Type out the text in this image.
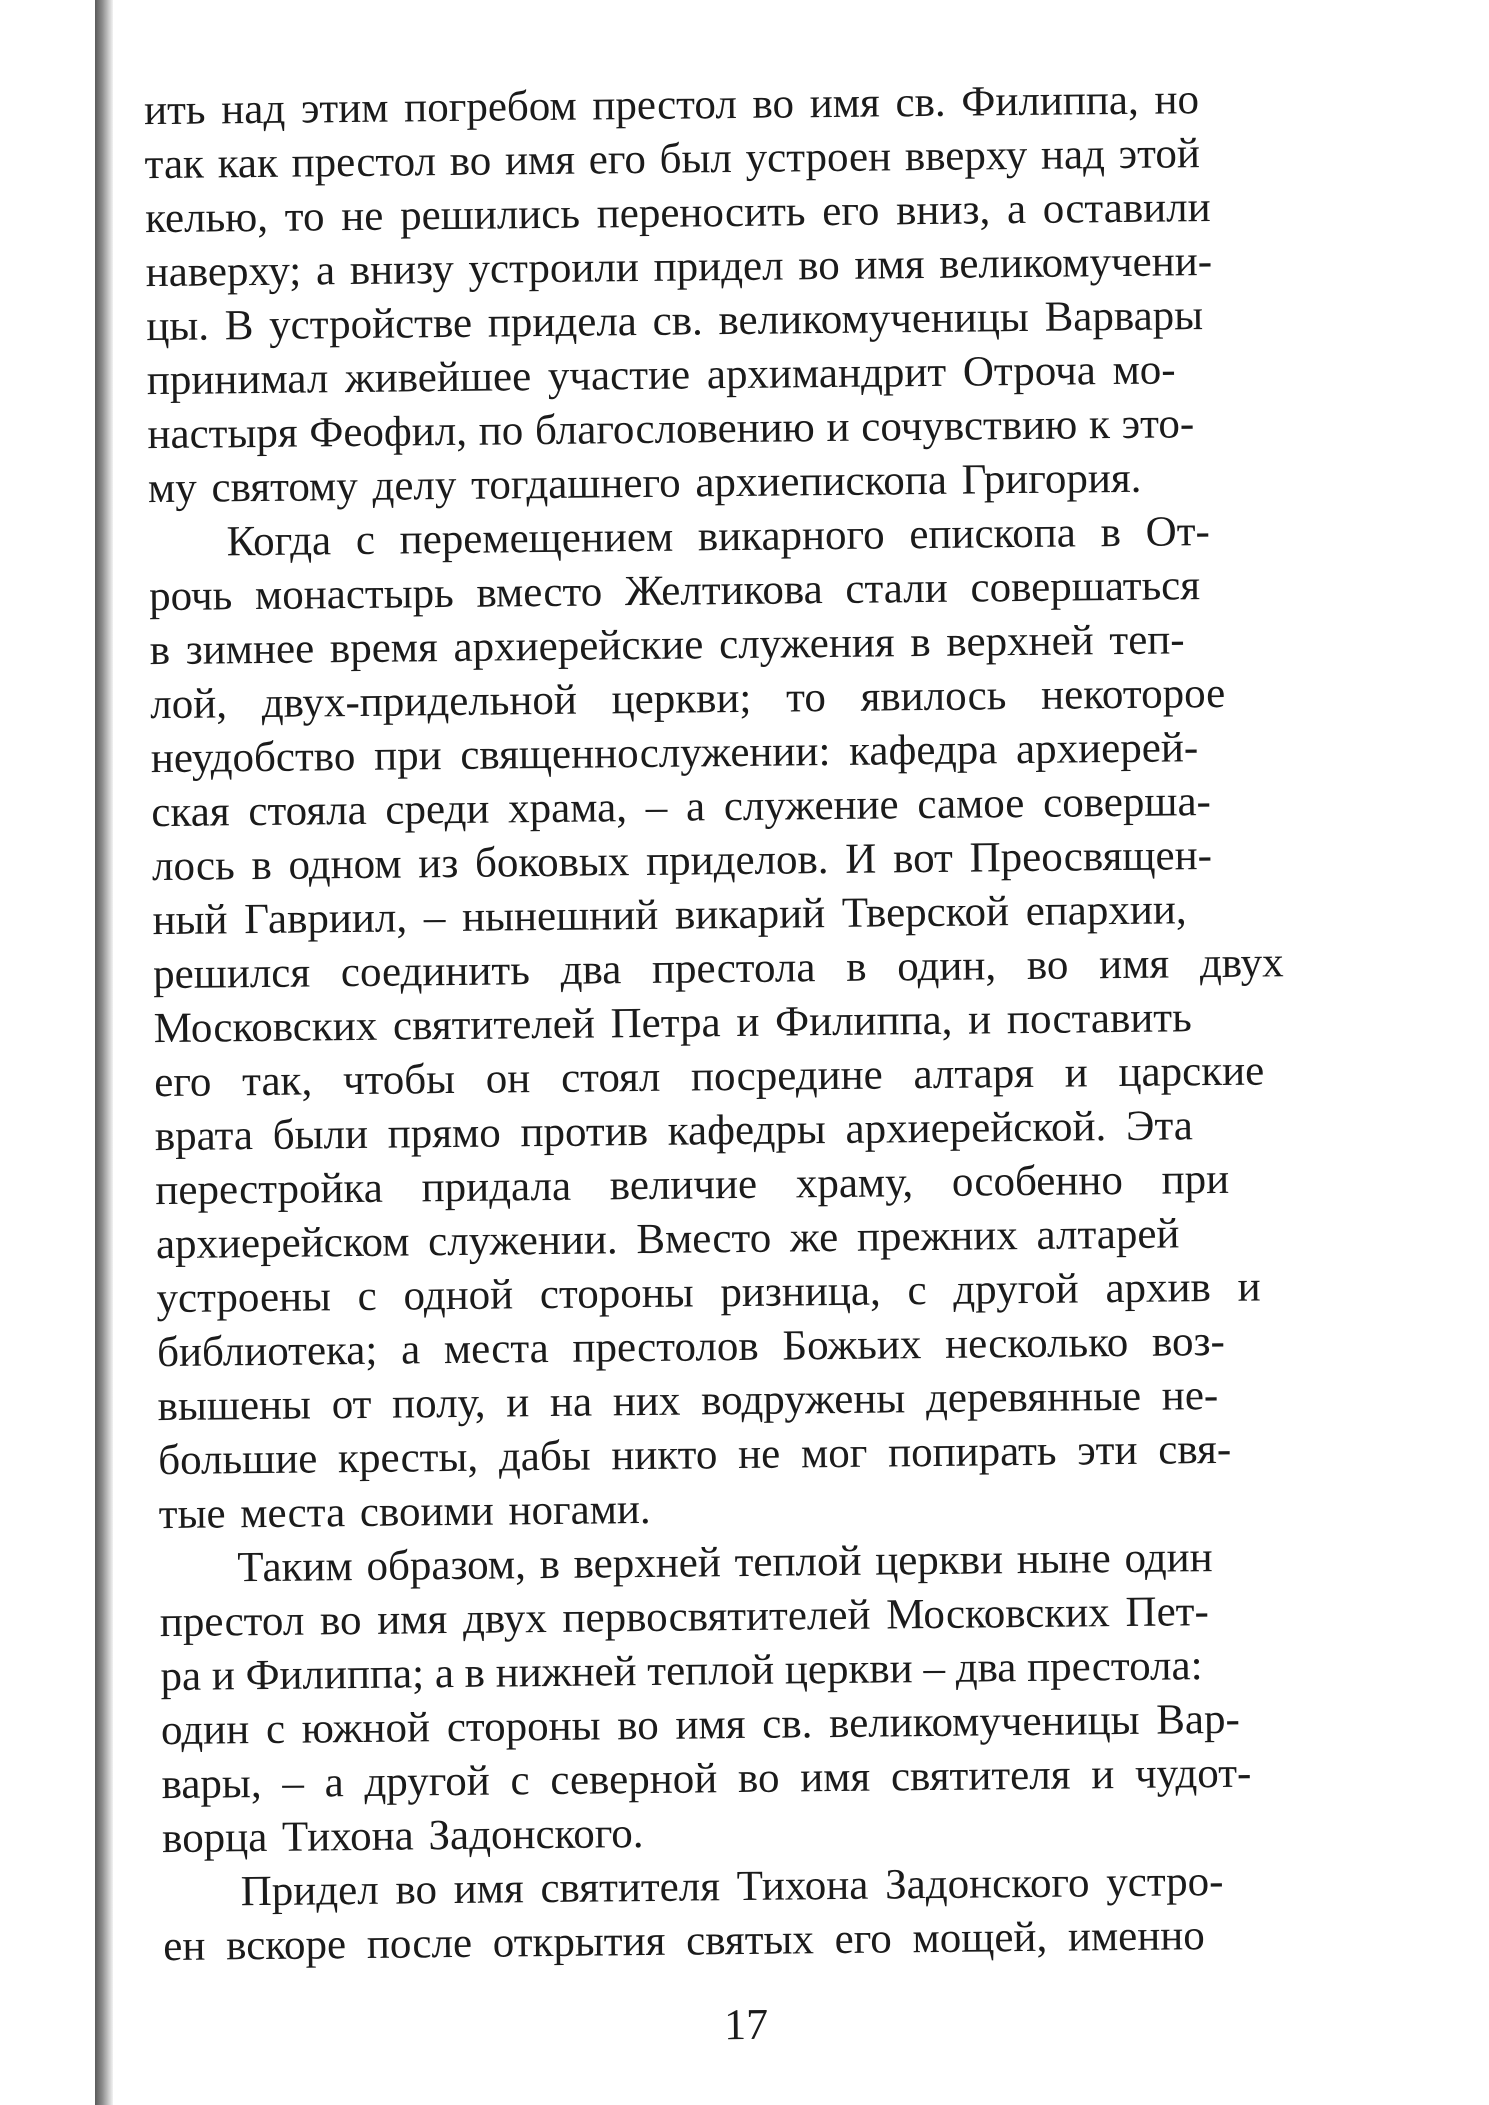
ить над этим погребом престол во имя св. Филиппа, но
так как престол во имя его был устроен вверху над этой
келью, то не решились переносить его вниз, а оставили
наверху; а внизу устроили придел во имя великомучени-
цы. В устройстве придела св. великомученицы Варвары
принимал живейшее участие архимандрит Отроча мо-
настыря Феофил, по благословению и сочувствию к это-
му святому делу тогдашнего архиепископа Григория.
Когда с перемещением викарного епископа в От-
рочь монастырь вместо Желтикова стали совершаться
в зимнее время архиерейские служения в верхней теп-
лой, двух-придельной церкви; то явилось некоторое
неудобство при священнослужении: кафедра архиерей-
ская стояла среди храма, – а служение самое соверша-
лось в одном из боковых приделов. И вот Преосвящен-
ный Гавриил, – нынешний викарий Тверской епархии,
решился соединить два престола в один, во имя двух
Московских святителей Петра и Филиппа, и поставить
его так, чтобы он стоял посредине алтаря и царские
врата были прямо против кафедры архиерейской. Эта
перестройка придала величие храму, особенно при
архиерейском служении. Вместо же прежних алтарей
устроены с одной стороны ризница, с другой архив и
библиотека; а места престолов Божьих несколько воз-
вышены от полу, и на них водружены деревянные не-
большие кресты, дабы никто не мог попирать эти свя-
тые места своими ногами.
Таким образом, в верхней теплой церкви ныне один
престол во имя двух первосвятителей Московских Пет-
ра и Филиппа; а в нижней теплой церкви – два престола:
один с южной стороны во имя св. великомученицы Вар-
вары, – а другой с северной во имя святителя и чудот-
ворца Тихона Задонского.
Придел во имя святителя Тихона Задонского устро-
ен вскоре после открытия святых его мощей, именно
17
